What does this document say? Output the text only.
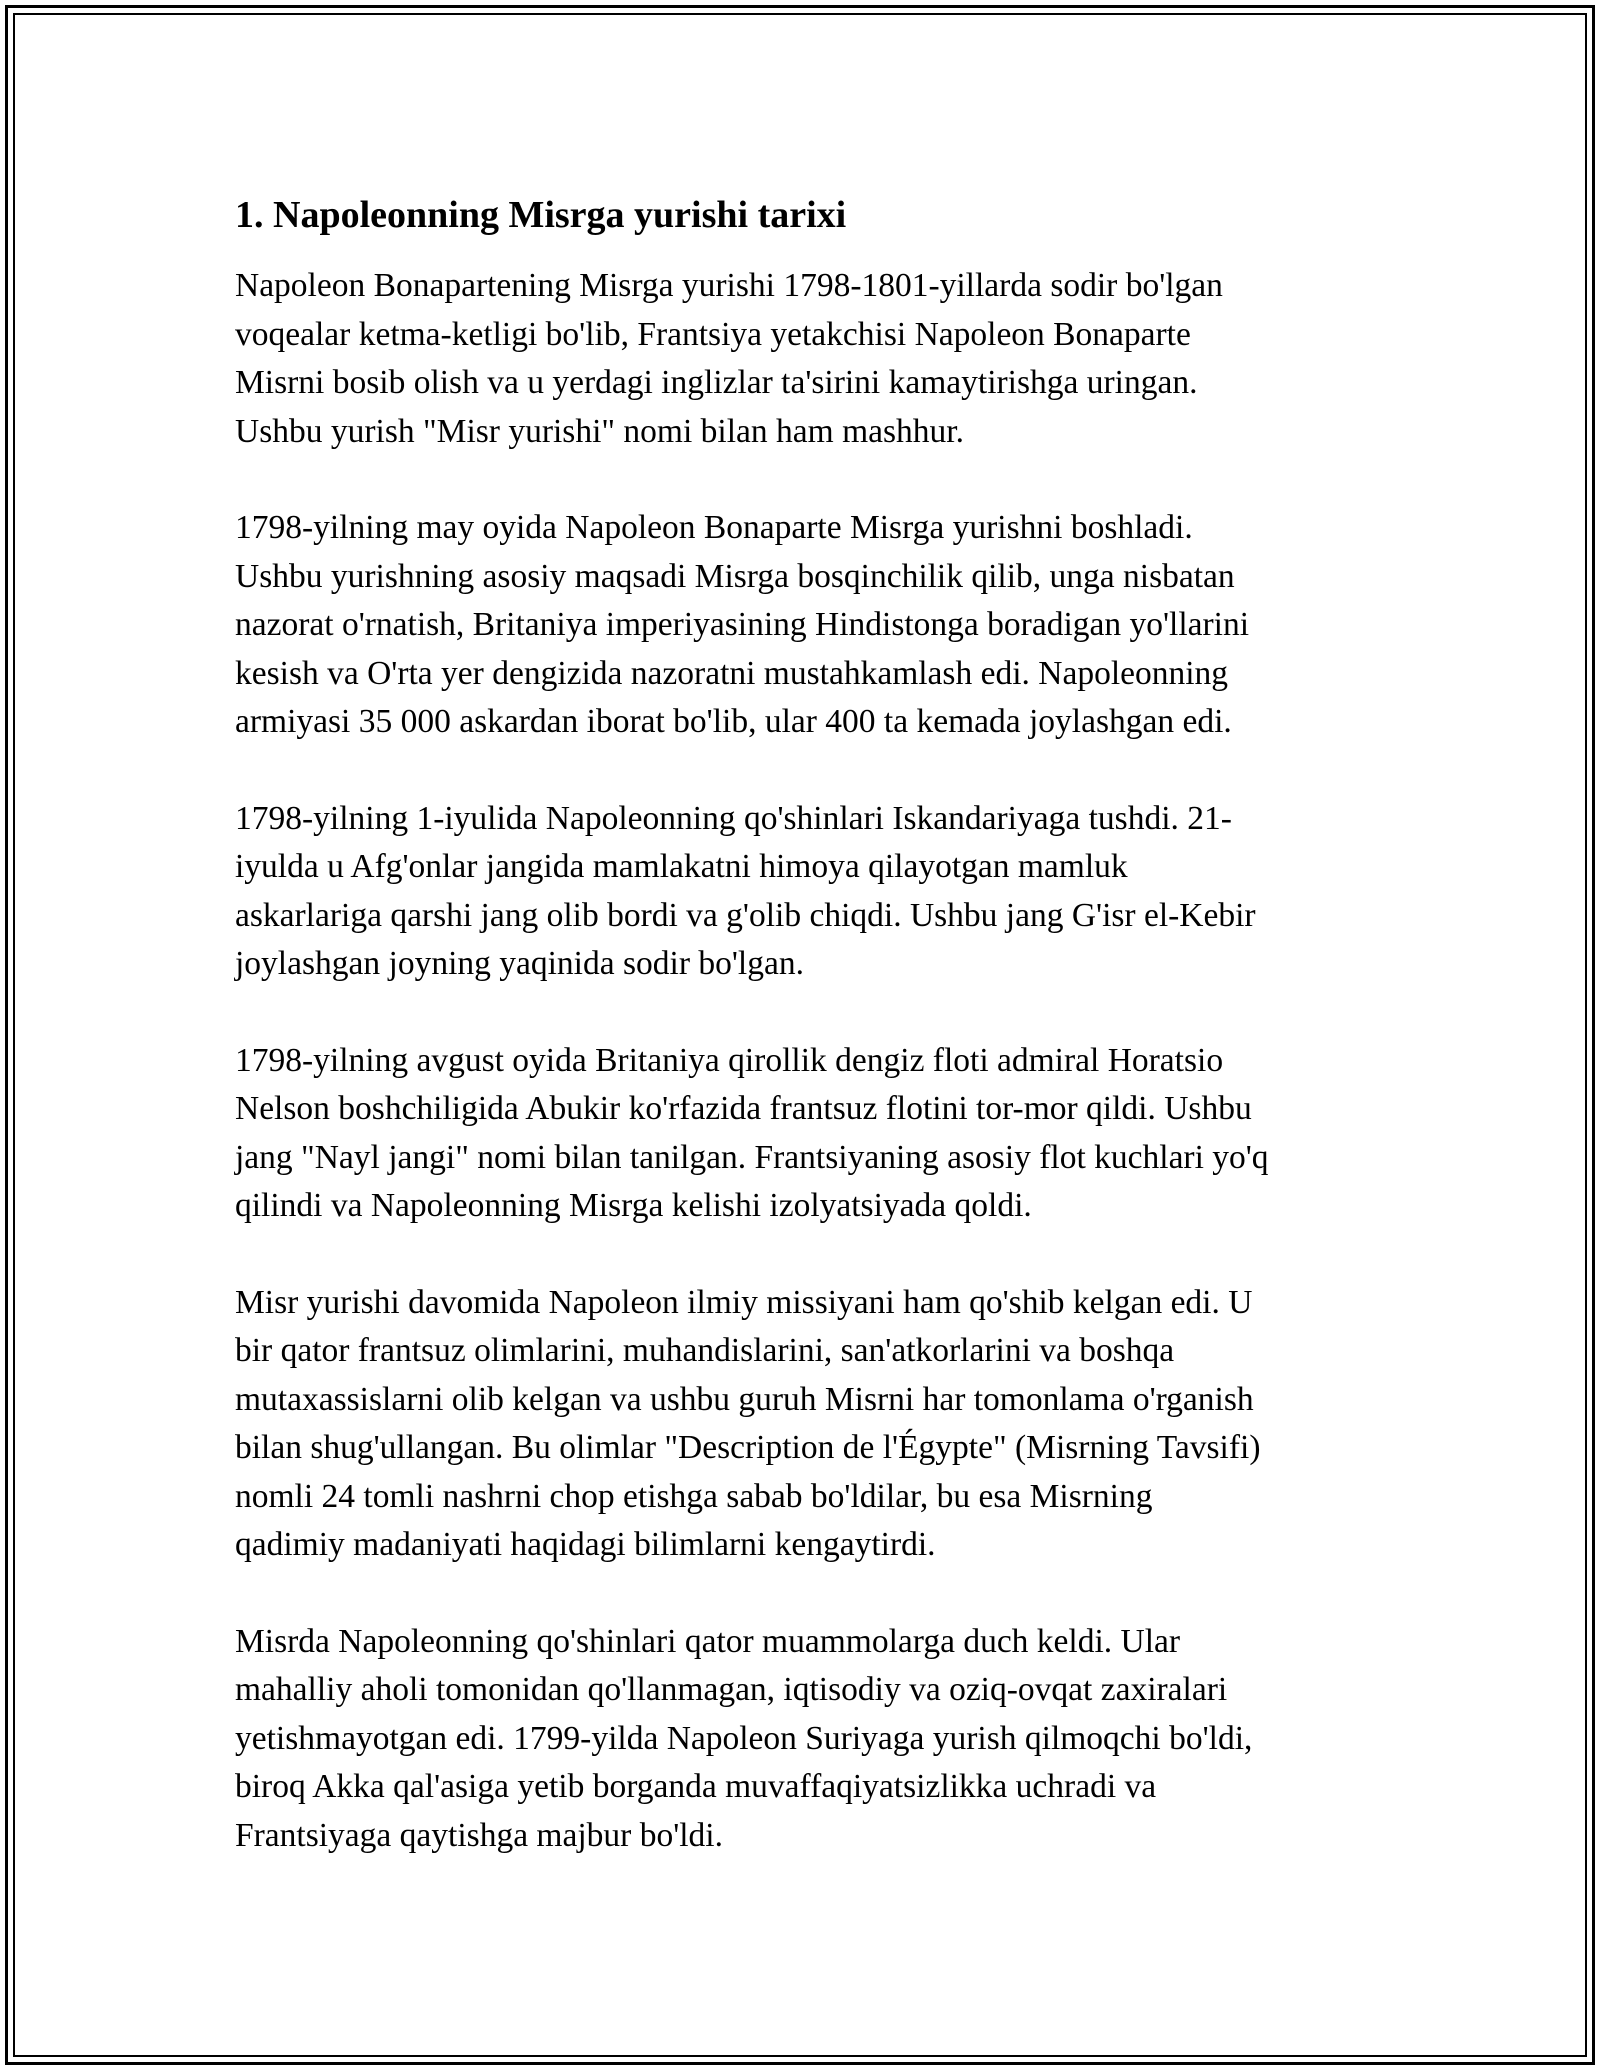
1. Napoleonning Misrga yurishi tarixi

Napoleon Bonapartening Misrga yurishi 1798-1801-yillarda sodir bo'lgan
voqealar ketma-ketligi bo'lib, Frantsiya yetakchisi Napoleon Bonaparte
Misrni bosib olish va u yerdagi inglizlar ta'sirini kamaytirishga uringan.
Ushbu yurish "Misr yurishi" nomi bilan ham mashhur.

1798-yilning may oyida Napoleon Bonaparte Misrga yurishni boshladi.
Ushbu yurishning asosiy maqsadi Misrga bosqinchilik qilib, unga nisbatan
nazorat o'rnatish, Britaniya imperiyasining Hindistonga boradigan yo'llarini
kesish va O'rta yer dengizida nazoratni mustahkamlash edi. Napoleonning
armiyasi 35 000 askardan iborat bo'lib, ular 400 ta kemada joylashgan edi.

1798-yilning 1-iyulida Napoleonning qo'shinlari Iskandariyaga tushdi. 21-
iyulda u Afg'onlar jangida mamlakatni himoya qilayotgan mamluk
askarlariga qarshi jang olib bordi va g'olib chiqdi. Ushbu jang G'isr el-Kebir
joylashgan joyning yaqinida sodir bo'lgan.

1798-yilning avgust oyida Britaniya qirollik dengiz floti admiral Horatsio
Nelson boshchiligida Abukir ko'rfazida frantsuz flotini tor-mor qildi. Ushbu
jang "Nayl jangi" nomi bilan tanilgan. Frantsiyaning asosiy flot kuchlari yo'q
qilindi va Napoleonning Misrga kelishi izolyatsiyada qoldi.

Misr yurishi davomida Napoleon ilmiy missiyani ham qo'shib kelgan edi. U
bir qator frantsuz olimlarini, muhandislarini, san'atkorlarini va boshqa
mutaxassislarni olib kelgan va ushbu guruh Misrni har tomonlama o'rganish
bilan shug'ullangan. Bu olimlar "Description de l'Égypte" (Misrning Tavsifi)
nomli 24 tomli nashrni chop etishga sabab bo'ldilar, bu esa Misrning
qadimiy madaniyati haqidagi bilimlarni kengaytirdi.

Misrda Napoleonning qo'shinlari qator muammolarga duch keldi. Ular
mahalliy aholi tomonidan qo'llanmagan, iqtisodiy va oziq-ovqat zaxiralari
yetishmayotgan edi. 1799-yilda Napoleon Suriyaga yurish qilmoqchi bo'ldi,
biroq Akka qal'asiga yetib borganda muvaffaqiyatsizlikka uchradi va
Frantsiyaga qaytishga majbur bo'ldi.
